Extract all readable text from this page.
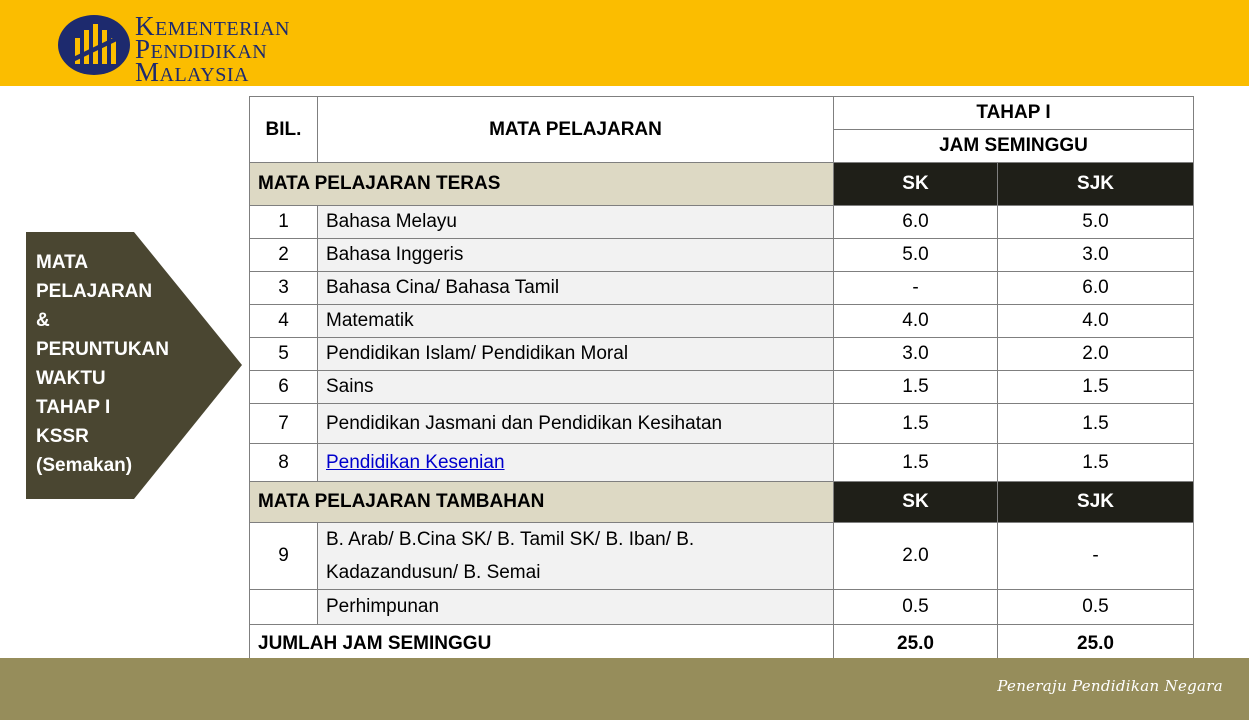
KEMENTERIAN
PENDIDIKAN
MALAYSIA
MATA
PELAJARAN
&
PERUNTUKAN
WAKTU
TAHAP I
KSSR
(Semakan)
BIL.	MATA PELAJARAN	TAHAP I	
		JAM SEMINGGU	
MATA PELAJARAN TERAS		SK	SJK
1	Bahasa Melayu	6.0	5.0
2	Bahasa Inggeris	5.0	3.0
3	Bahasa Cina/ Bahasa Tamil	-	6.0
4	Matematik	4.0	4.0
5	Pendidikan Islam/ Pendidikan Moral	3.0	2.0
6	Sains	1.5	1.5
7	Pendidikan Jasmani dan Pendidikan Kesihatan	1.5	1.5
8	Pendidikan Kesenian	1.5	1.5
MATA PELAJARAN TAMBAHAN		SK	SJK
9	B. Arab/ B.Cina SK/ B. Tamil SK/ B. Iban/ B. Kadazandusun/ B. Semai	2.0	-
	Perhimpunan	0.5	0.5
JUMLAH JAM SEMINGGU		25.0	25.0
Peneraju Pendidikan Negara
